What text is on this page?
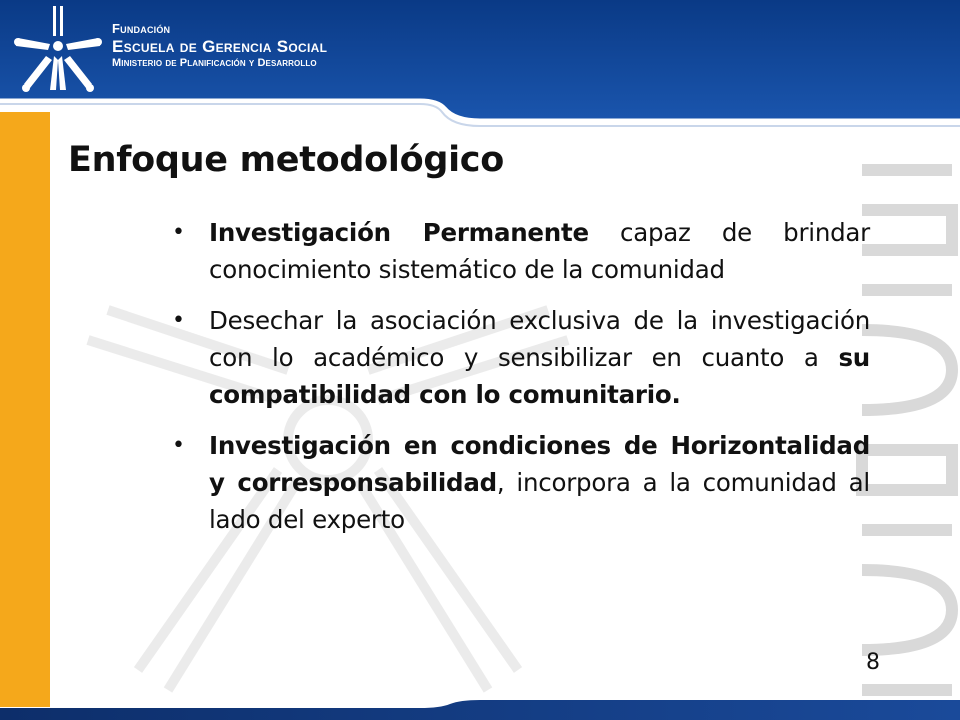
Fundación
Escuela de Gerencia Social
Ministerio de Planificación y Desarrollo
Enfoque metodológico
• Investigación Permanente capaz de brindar conocimiento sistemático de la comunidad
• Desechar la asociación exclusiva de la investigación con lo académico y sensibilizar en cuanto a su compatibilidad con lo comunitario.
• Investigación en condiciones de Horizontalidad y corresponsabilidad, incorpora a la comunidad al lado del experto
8
